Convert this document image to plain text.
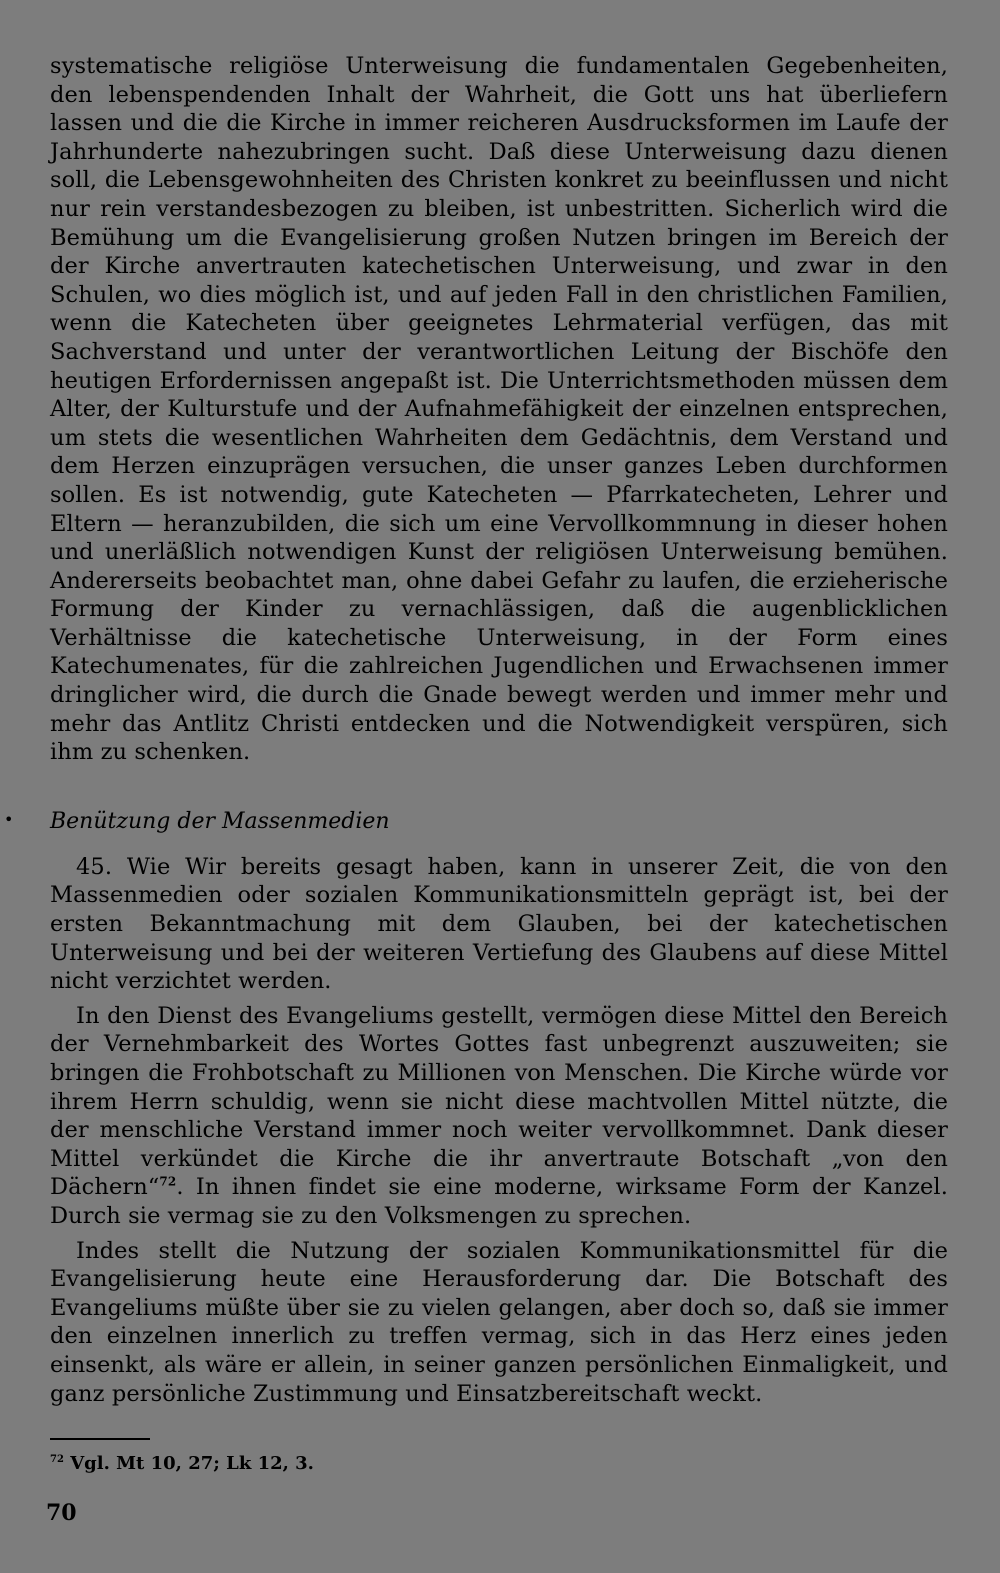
systematische religiöse Unterweisung die fundamentalen Gegebenheiten, den lebenspendenden Inhalt der Wahrheit, die Gott uns hat überliefern lassen und die die Kirche in immer reicheren Ausdrucksformen im Laufe der Jahrhunderte nahezubringen sucht. Daß diese Unterweisung dazu dienen soll, die Lebensgewohnheiten des Christen konkret zu beeinflussen und nicht nur rein verstandesbezogen zu bleiben, ist unbestritten. Sicherlich wird die Bemühung um die Evangelisierung großen Nutzen bringen im Bereich der der Kirche anvertrauten katechetischen Unterweisung, und zwar in den Schulen, wo dies möglich ist, und auf jeden Fall in den christlichen Familien, wenn die Katecheten über geeignetes Lehrmaterial verfügen, das mit Sachverstand und unter der verantwortlichen Leitung der Bischöfe den heutigen Erfordernissen angepaßt ist. Die Unterrichtsmethoden müssen dem Alter, der Kulturstufe und der Aufnahmefähigkeit der einzelnen entsprechen, um stets die wesentlichen Wahrheiten dem Gedächtnis, dem Verstand und dem Herzen einzuprägen versuchen, die unser ganzes Leben durchformen sollen. Es ist notwendig, gute Katecheten — Pfarrkatecheten, Lehrer und Eltern — heranzubilden, die sich um eine Vervollkommnung in dieser hohen und unerläßlich notwendigen Kunst der religiösen Unterweisung bemühen. Andererseits beobachtet man, ohne dabei Gefahr zu laufen, die erzieherische Formung der Kinder zu vernachlässigen, daß die augenblicklichen Verhältnisse die katechetische Unterweisung, in der Form eines Katechumenates, für die zahlreichen Jugendlichen und Erwachsenen immer dringlicher wird, die durch die Gnade bewegt werden und immer mehr und mehr das Antlitz Christi entdecken und die Notwendigkeit verspüren, sich ihm zu schenken.

• Benützung der Massenmedien

45. Wie Wir bereits gesagt haben, kann in unserer Zeit, die von den Massenmedien oder sozialen Kommunikationsmitteln geprägt ist, bei der ersten Bekanntmachung mit dem Glauben, bei der katechetischen Unterweisung und bei der weiteren Vertiefung des Glaubens auf diese Mittel nicht verzichtet werden.

In den Dienst des Evangeliums gestellt, vermögen diese Mittel den Bereich der Vernehmbarkeit des Wortes Gottes fast unbegrenzt auszuweiten; sie bringen die Frohbotschaft zu Millionen von Menschen. Die Kirche würde vor ihrem Herrn schuldig, wenn sie nicht diese machtvollen Mittel nützte, die der menschliche Verstand immer noch weiter vervollkommnet. Dank dieser Mittel verkündet die Kirche die ihr anvertraute Botschaft „von den Dächern“$^{72}$. In ihnen findet sie eine moderne, wirksame Form der Kanzel. Durch sie vermag sie zu den Volksmengen zu sprechen.

Indes stellt die Nutzung der sozialen Kommunikationsmittel für die Evangelisierung heute eine Herausforderung dar. Die Botschaft des Evangeliums müßte über sie zu vielen gelangen, aber doch so, daß sie immer den einzelnen innerlich zu treffen vermag, sich in das Herz eines jeden einsenkt, als wäre er allein, in seiner ganzen persönlichen Einmaligkeit, und ganz persönliche Zustimmung und Einsatzbereitschaft weckt.

$^{72}$ Vgl. Mt 10, 27; Lk 12, 3.
70
